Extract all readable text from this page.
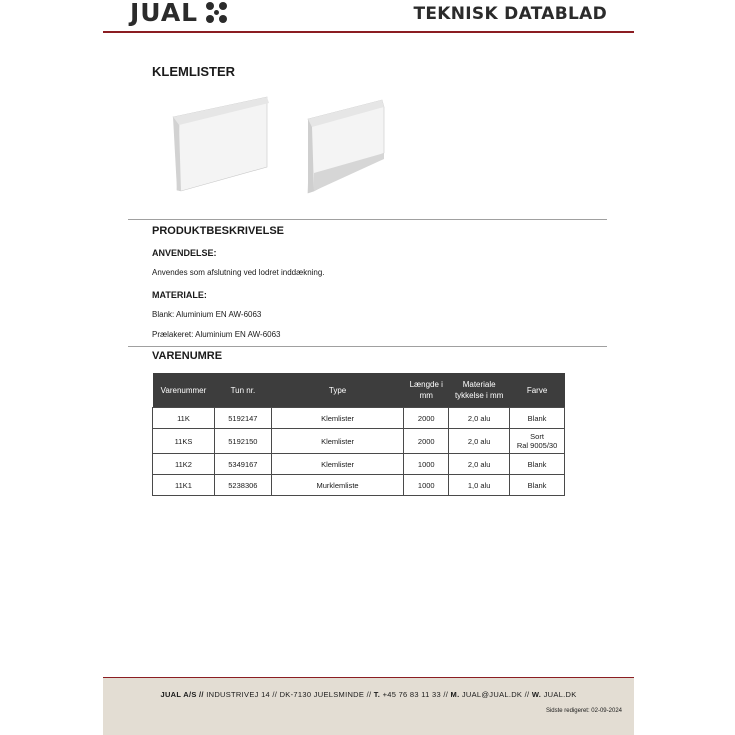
JUAL	TEKNISK DATABLAD
KLEMLISTER
PRODUKTBESKRIVELSE
ANVENDELSE:
Anvendes som afslutning ved lodret inddækning.
MATERIALE:
Blank: Aluminium EN AW-6063
Prælakeret: Aluminium EN AW-6063
VARENUMRE
Varenummer	Tun nr.	Type	Længde i mm	Materiale tykkelse i mm	Farve
11K	5192147	Klemlister	2000	2,0 alu	Blank
11KS	5192150	Klemlister	2000	2,0 alu	Sort
Ral 9005/30

11K2	5349167	Klemlister	1000	2,0 alu	Blank
11K1	5238306	Murklemliste	1000	1,0 alu	Blank
JUAL A/S // INDUSTRIVEJ 14 // DK-7130 JUELSMINDE // T. +45 76 83 11 33 // M. JUAL@JUAL.DK // W. JUAL.DK
Sidste redigeret: 02-09-2024
